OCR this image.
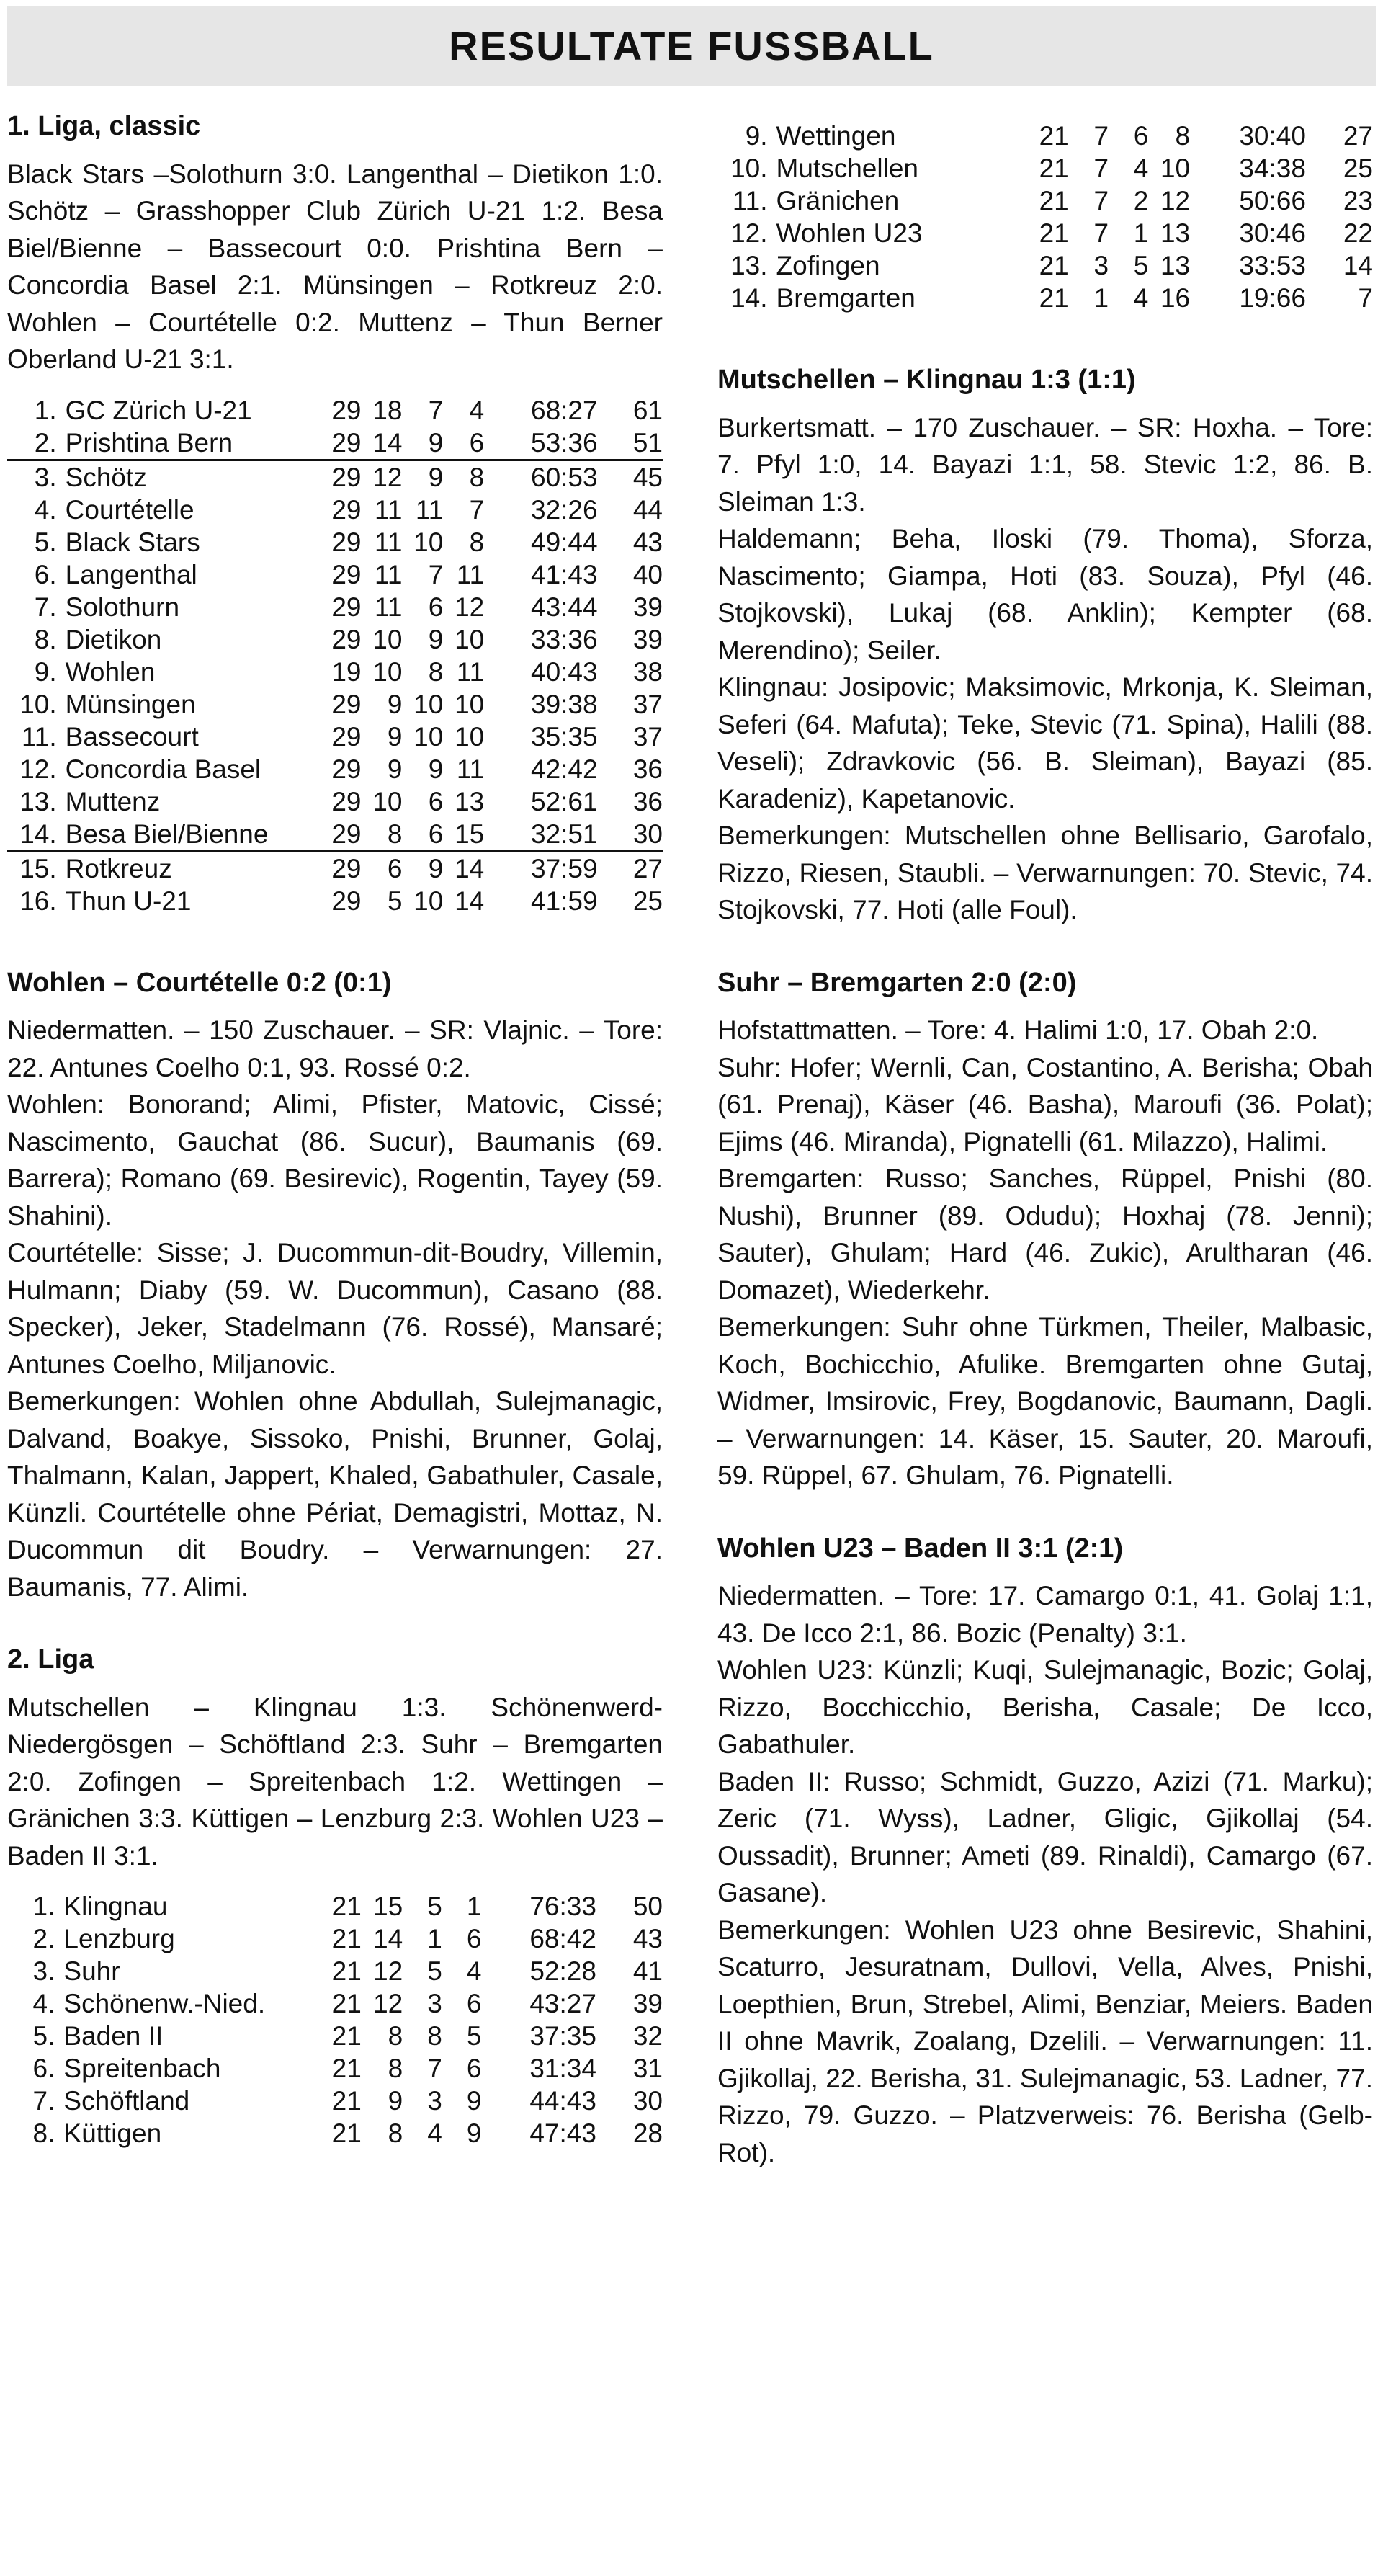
RESULTATE FUSSBALL
1. Liga, classic

Black Stars –Solothurn 3:0. Langenthal – Dietikon 1:0. Schötz – Grasshopper Club Zürich U-21 1:2. Besa Biel/Bienne – Bassecourt 0:0. Prishtina Bern – Concordia Basel 2:1. Münsingen – Rotkreuz 2:0. Wohlen – Courtételle 0:2. Muttenz – Thun Berner Oberland U-21 3:1.

1.	GC Zürich U-21	29	18	7	4	68:27	61
2.	Prishtina Bern	29	14	9	6	53:36	51
3.	Schötz	29	12	9	8	60:53	45
4.	Courtételle	29	11	11	7	32:26	44
5.	Black Stars	29	11	10	8	49:44	43
6.	Langenthal	29	11	7	11	41:43	40
7.	Solothurn	29	11	6	12	43:44	39
8.	Dietikon	29	10	9	10	33:36	39
9.	Wohlen	19	10	8	11	40:43	38
10.	Münsingen	29	9	10	10	39:38	37
11.	Bassecourt	29	9	10	10	35:35	37
12.	Concordia Basel	29	9	9	11	42:42	36
13.	Muttenz	29	10	6	13	52:61	36
14.	Besa Biel/Bienne	29	8	6	15	32:51	30
15.	Rotkreuz	29	6	9	14	37:59	27
16.	Thun U-21	29	5	10	14	41:59	25
Wohlen – Courtételle 0:2 (0:1)

Niedermatten. – 150 Zuschauer. – SR: Vlajnic. – Tore: 22. Antunes Coelho 0:1, 93. Rossé 0:2.

Wohlen: Bonorand; Alimi, Pfister, Matovic, Cissé; Nascimento, Gauchat (86. Sucur), Baumanis (69. Barrera); Romano (69. Besirevic), Rogentin, Tayey (59. Shahini).

Courtételle: Sisse; J. Ducommun-dit-Boudry, Villemin, Hulmann; Diaby (59. W. Ducommun), Casano (88. Specker), Jeker, Stadelmann (76. Rossé), Mansaré; Antunes Coelho, Miljanovic.

Bemerkungen: Wohlen ohne Abdullah, Sulejmanagic, Dalvand, Boakye, Sissoko, Pnishi, Brunner, Golaj, Thalmann, Kalan, Jappert, Khaled, Gabathuler, Casale, Künzli. Courtételle ohne Périat, Demagistri, Mottaz, N. Ducommun dit Boudry. – Verwarnungen: 27. Baumanis, 77. Alimi.

2. Liga

Mutschellen – Klingnau 1:3. Schönenwerd-Niedergösgen – Schöftland 2:3. Suhr – Bremgarten 2:0. Zofingen – Spreitenbach 1:2. Wettingen – Gränichen 3:3. Küttigen – Lenzburg 2:3. Wohlen U23 – Baden II 3:1.

1.	Klingnau	21	15	5	1	76:33	50
2.	Lenzburg	21	14	1	6	68:42	43
3.	Suhr	21	12	5	4	52:28	41
4.	Schönenw.-Nied.	21	12	3	6	43:27	39
5.	Baden II	21	8	8	5	37:35	32
6.	Spreitenbach	21	8	7	6	31:34	31
7.	Schöftland	21	9	3	9	44:43	30
8.	Küttigen	21	8	4	9	47:43	28
9.	Wettingen	21	7	6	8	30:40	27
10.	Mutschellen	21	7	4	10	34:38	25
11.	Gränichen	21	7	2	12	50:66	23
12.	Wohlen U23	21	7	1	13	30:46	22
13.	Zofingen	21	3	5	13	33:53	14
14.	Bremgarten	21	1	4	16	19:66	7
Mutschellen – Klingnau 1:3 (1:1)

Burkertsmatt. – 170 Zuschauer. – SR: Hoxha. – Tore: 7. Pfyl 1:0, 14. Bayazi 1:1, 58. Stevic 1:2, 86. B. Sleiman 1:3.

Haldemann; Beha, Iloski (79. Thoma), Sforza, Nascimento; Giampa, Hoti (83. Souza), Pfyl (46. Stojkovski), Lukaj (68. Anklin); Kempter (68. Merendino); Seiler.

Klingnau: Josipovic; Maksimovic, Mrkonja, K. Sleiman, Seferi (64. Mafuta); Teke, Stevic (71. Spina), Halili (88. Veseli); Zdravkovic (56. B. Sleiman), Bayazi (85. Karadeniz), Kapetanovic.

Bemerkungen: Mutschellen ohne Bellisario, Garofalo, Rizzo, Riesen, Staubli. – Verwarnungen: 70. Stevic, 74. Stojkovski, 77. Hoti (alle Foul).

Suhr – Bremgarten 2:0 (2:0)

Hofstattmatten. – Tore: 4. Halimi 1:0, 17. Obah 2:0.

Suhr: Hofer; Wernli, Can, Costantino, A. Berisha; Obah (61. Prenaj), Käser (46. Basha), Maroufi (36. Polat); Ejims (46. Miranda), Pignatelli (61. Milazzo), Halimi.

Bremgarten: Russo; Sanches, Rüppel, Pnishi (80. Nushi), Brunner (89. Odudu); Hoxhaj (78. Jenni); Sauter), Ghulam; Hard (46. Zukic), Arultharan (46. Domazet), Wiederkehr.

Bemerkungen: Suhr ohne Türkmen, Theiler, Malbasic, Koch, Bochicchio, Afulike. Bremgarten ohne Gutaj, Widmer, Imsirovic, Frey, Bogdanovic, Baumann, Dagli. – Verwarnungen: 14. Käser, 15. Sauter, 20. Maroufi, 59. Rüppel, 67. Ghulam, 76. Pignatelli.

Wohlen U23 – Baden II 3:1 (2:1)

Niedermatten. – Tore: 17. Camargo 0:1, 41. Golaj 1:1, 43. De Icco 2:1, 86. Bozic (Penalty) 3:1.

Wohlen U23: Künzli; Kuqi, Sulejmanagic, Bozic; Golaj, Rizzo, Bocchicchio, Berisha, Casale; De Icco, Gabathuler.

Baden II: Russo; Schmidt, Guzzo, Azizi (71. Marku); Zeric (71. Wyss), Ladner, Gligic, Gjikollaj (54. Oussadit), Brunner; Ameti (89. Rinaldi), Camargo (67. Gasane).

Bemerkungen: Wohlen U23 ohne Besirevic, Shahini, Scaturro, Jesuratnam, Dullovi, Vella, Alves, Pnishi, Loepthien, Brun, Strebel, Alimi, Benziar, Meiers. Baden II ohne Mavrik, Zoalang, Dzelili. – Verwarnungen: 11. Gjikollaj, 22. Berisha, 31. Sulejmanagic, 53. Ladner, 77. Rizzo, 79. Guzzo. – Platzverweis: 76. Berisha (Gelb-Rot).
